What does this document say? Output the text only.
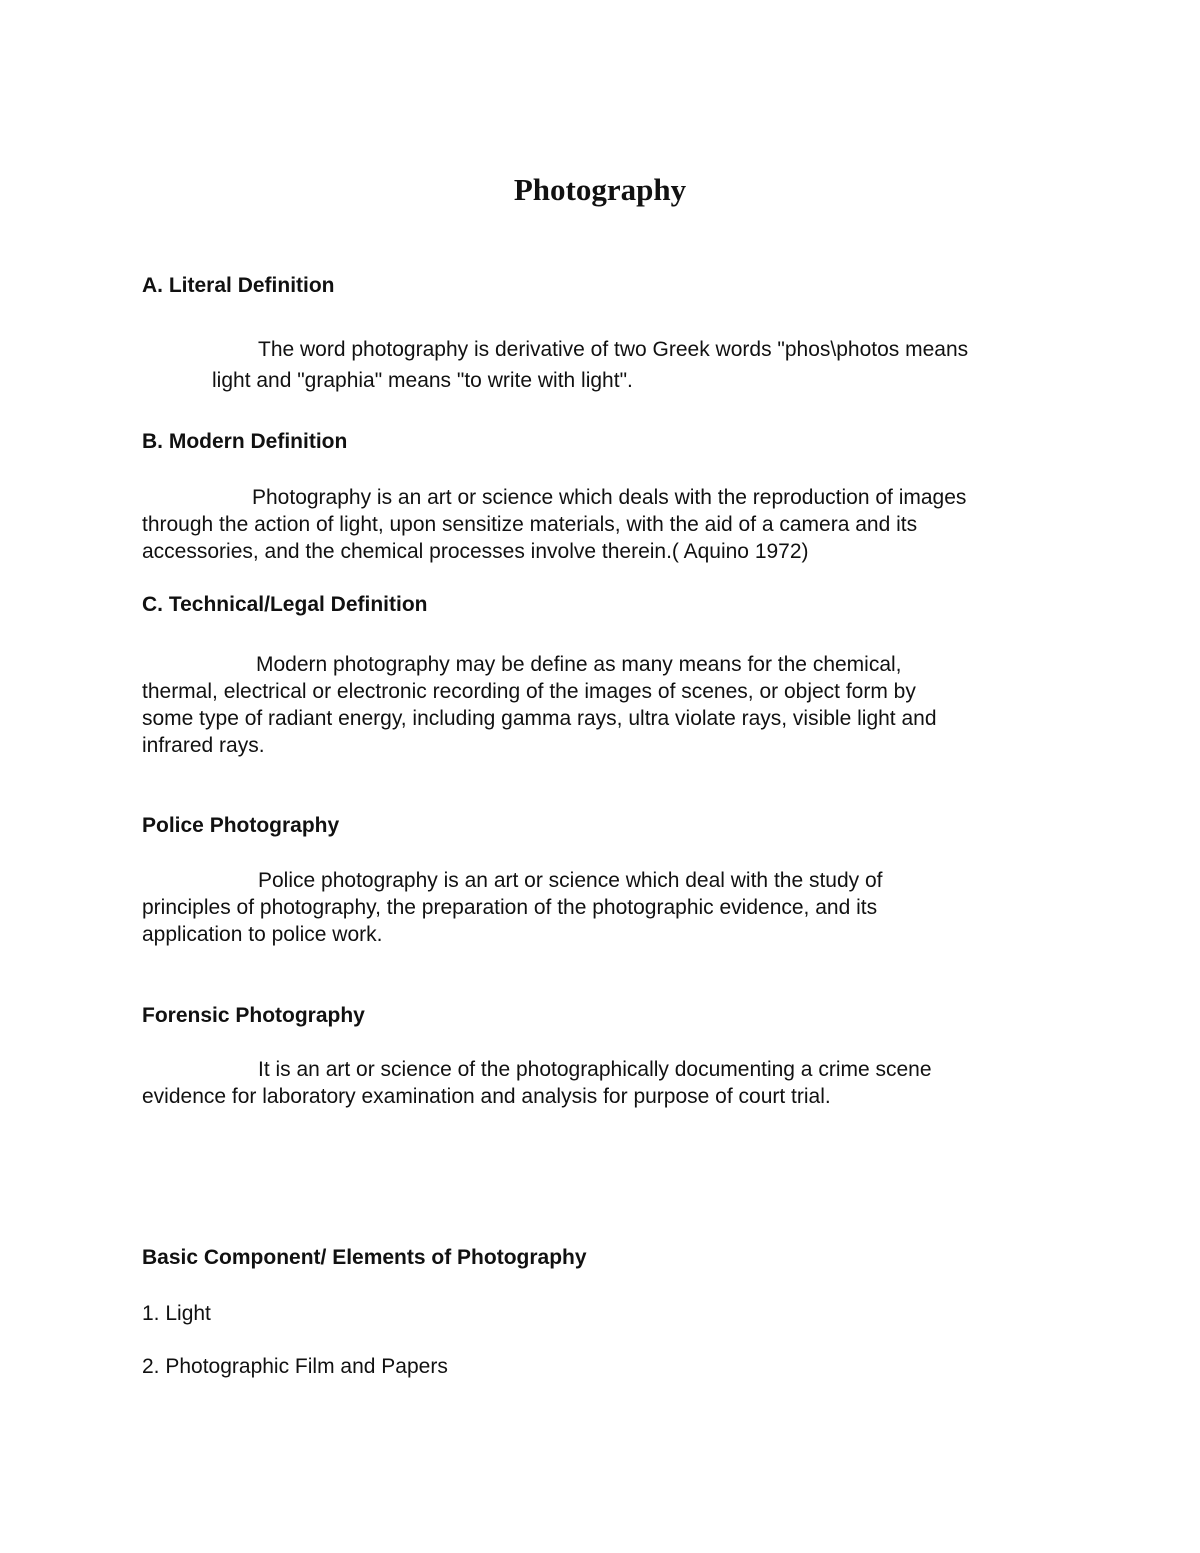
Photography
A. Literal Definition

The word photography is derivative of two Greek words "phos\photos means
light and "graphia" means "to write with light".

B. Modern Definition

Photography is an art or science which deals with the reproduction of images
through the action of light, upon sensitize materials, with the aid of a camera and its
accessories, and the chemical processes involve therein.( Aquino 1972)

C. Technical/Legal Definition

Modern photography may be define as many means for the chemical,
thermal, electrical or electronic recording of the images of scenes, or object form by
some type of radiant energy, including gamma rays, ultra violate rays, visible light and
infrared rays.

Police Photography

Police photography is an art or science which deal with the study of
principles of photography, the preparation of the photographic evidence, and its
application to police work.

Forensic Photography

It is an art or science of the photographically documenting a crime scene
evidence for laboratory examination and analysis for purpose of court trial.

Basic Component/ Elements of Photography

1. Light

2. Photographic Film and Papers
